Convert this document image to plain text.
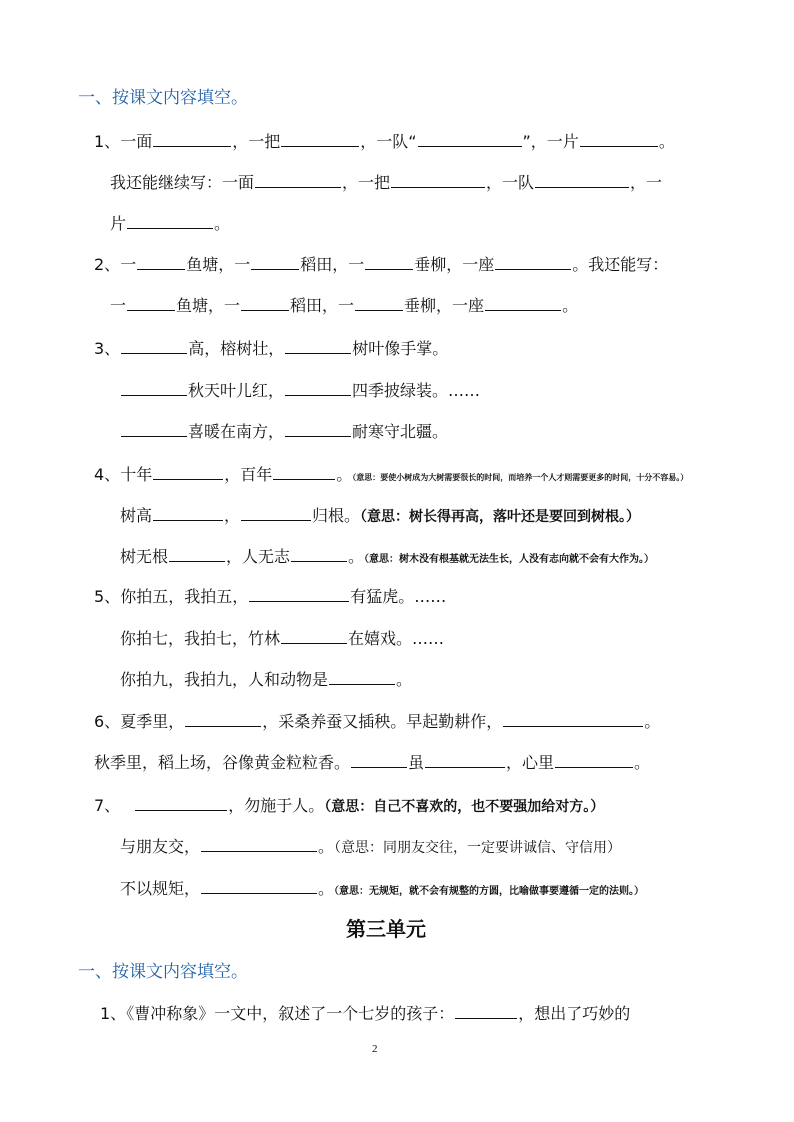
一、按课文内容填空。
1、一面	，一把	，一队“	”，一片	。
我还能继续写：一面	，一把	，一队	，一
片	。
2、一	鱼塘，一	稻田，一	垂柳，一座	。我还能写：
一	鱼塘，一	稻田，一	垂柳，一座	。
3、	高，榕树壮，	树叶像手掌。
秋天叶儿红，	四季披绿装。……
喜暖在南方，	耐寒守北疆。
4、十年	，百年	。（意思：要使小树成为大树需要很长的时间，而培养一个人才则需要更多的时间，十分不容易。）
树高	，	归根。（意思：树长得再高，落叶还是要回到树根。）
树无根	，人无志	。（意思：树木没有根基就无法生长，人没有志向就不会有大作为。）
5、你拍五，我拍五，	有猛虎。……
你拍七，我拍七，竹林	在嬉戏。……
你拍九，我拍九，人和动物是	。
6、夏季里，	，采桑养蚕又插秧。早起勤耕作，	。
秋季里，稻上场，谷像黄金粒粒香。	虽	，心里	。
7、	，勿施于人。（意思：自己不喜欢的，也不要强加给对方。）
与朋友交，	。（意思：同朋友交往，一定要讲诚信、守信用）
不以规矩，	。（意思：无规矩，就不会有规整的方圆，比喻做事要遵循一定的法则。）
第三单元
一、按课文内容填空。
1、《曹冲称象》一文中，叙述了一个七岁的孩子：	，想出了巧妙的
2
